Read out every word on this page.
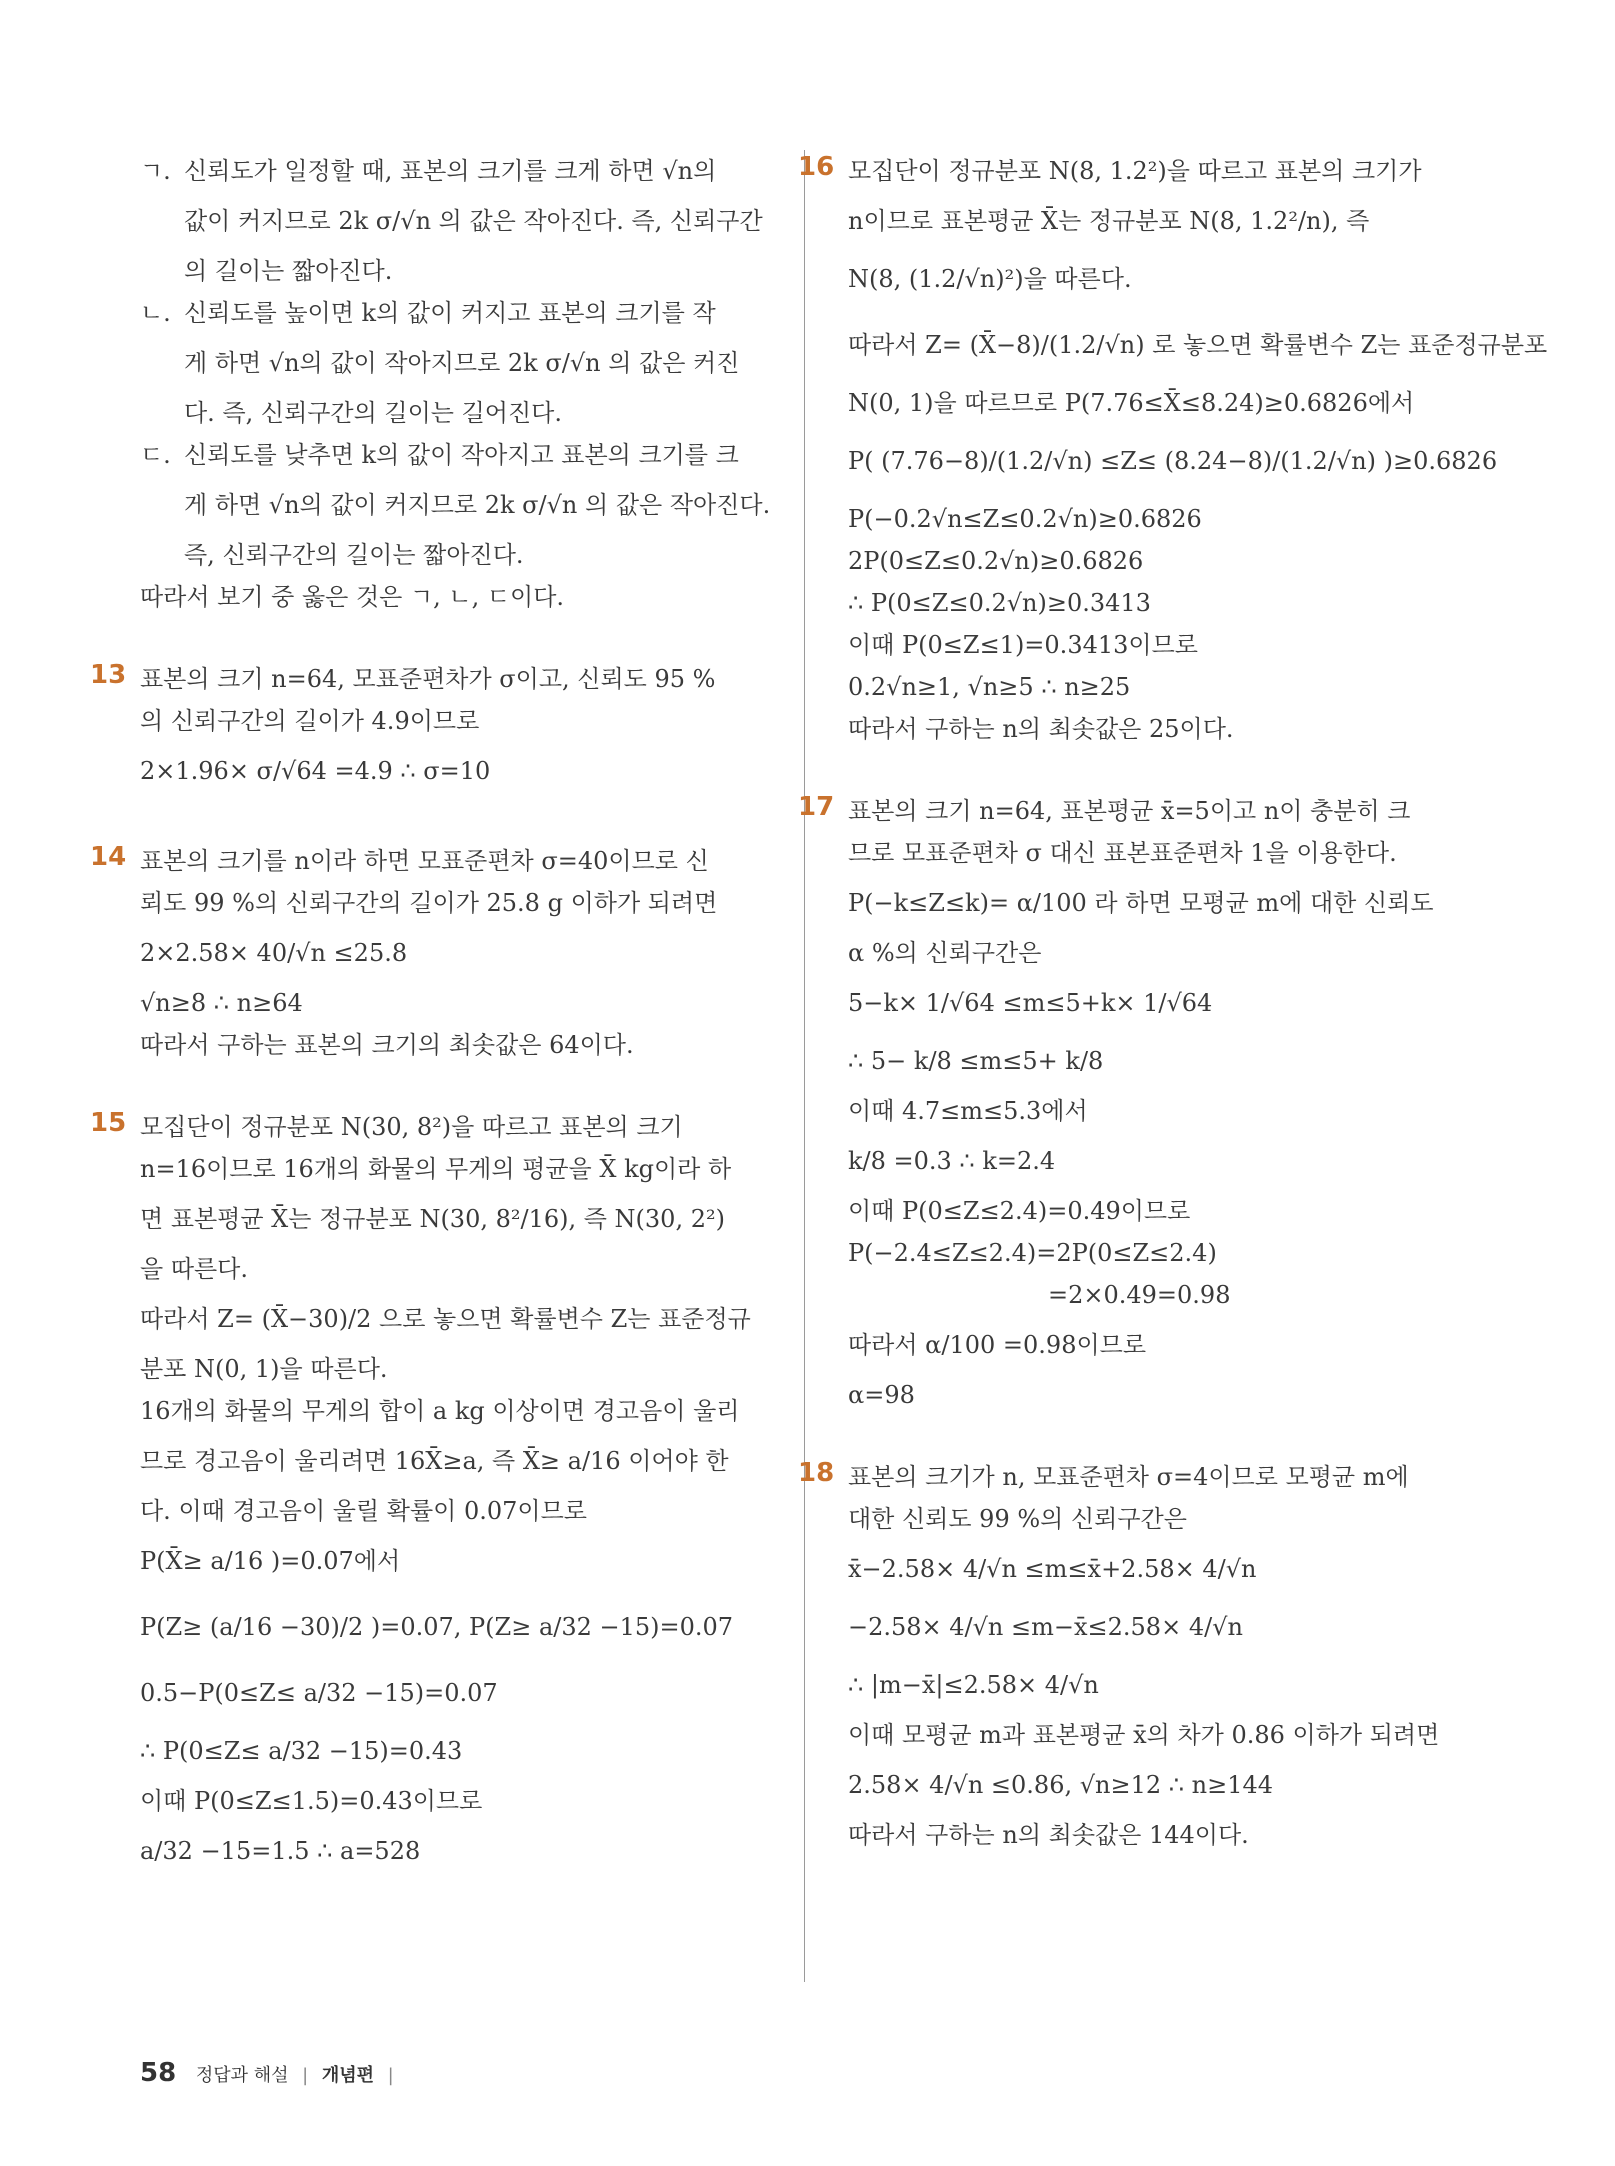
ㄱ. 신뢰도가 일정할 때, 표본의 크기를 크게 하면 √n의
값이 커지므로 2k σ/√n 의 값은 작아진다. 즉, 신뢰구간
의 길이는 짧아진다.
ㄴ. 신뢰도를 높이면 k의 값이 커지고 표본의 크기를 작
게 하면 √n의 값이 작아지므로 2k σ/√n 의 값은 커진
다. 즉, 신뢰구간의 길이는 길어진다.
ㄷ. 신뢰도를 낮추면 k의 값이 작아지고 표본의 크기를 크
게 하면 √n의 값이 커지므로 2k σ/√n 의 값은 작아진다.
즉, 신뢰구간의 길이는 짧아진다.
따라서 보기 중 옳은 것은 ㄱ, ㄴ, ㄷ이다.
13 표본의 크기 n=64, 모표준편차가 σ이고, 신뢰도 95 %
의 신뢰구간의 길이가 4.9이므로
2×1.96× σ/√64 =4.9 ∴ σ=10
14 표본의 크기를 n이라 하면 모표준편차 σ=40이므로 신
뢰도 99 %의 신뢰구간의 길이가 25.8 g 이하가 되려면
2×2.58× 40/√n ≤25.8
√n≥8 ∴ n≥64
따라서 구하는 표본의 크기의 최솟값은 64이다.
15 모집단이 정규분포 N(30, 8²)을 따르고 표본의 크기
n=16이므로 16개의 화물의 무게의 평균을 X̄ kg이라 하
면 표본평균 X̄는 정규분포 N(30, 8²/16), 즉 N(30, 2²)
을 따른다.
따라서 Z= (X̄−30)/2 으로 놓으면 확률변수 Z는 표준정규
분포 N(0, 1)을 따른다.
16개의 화물의 무게의 합이 a kg 이상이면 경고음이 울리
므로 경고음이 울리려면 16X̄≥a, 즉 X̄≥ a/16 이어야 한
다. 이때 경고음이 울릴 확률이 0.07이므로
P(X̄≥ a/16 )=0.07에서
P(Z≥ (a/16 −30)/2 )=0.07, P(Z≥ a/32 −15)=0.07
0.5−P(0≤Z≤ a/32 −15)=0.07
∴ P(0≤Z≤ a/32 −15)=0.43
이때 P(0≤Z≤1.5)=0.43이므로
a/32 −15=1.5 ∴ a=528
16 모집단이 정규분포 N(8, 1.2²)을 따르고 표본의 크기가
n이므로 표본평균 X̄는 정규분포 N(8, 1.2²/n), 즉
N(8, (1.2/√n)²)을 따른다.
따라서 Z= (X̄−8)/(1.2/√n) 로 놓으면 확률변수 Z는 표준정규분포
N(0, 1)을 따르므로 P(7.76≤X̄≤8.24)≥0.6826에서
P( (7.76−8)/(1.2/√n) ≤Z≤ (8.24−8)/(1.2/√n) )≥0.6826
P(−0.2√n≤Z≤0.2√n)≥0.6826
2P(0≤Z≤0.2√n)≥0.6826
∴ P(0≤Z≤0.2√n)≥0.3413
이때 P(0≤Z≤1)=0.3413이므로
0.2√n≥1, √n≥5 ∴ n≥25
따라서 구하는 n의 최솟값은 25이다.
17 표본의 크기 n=64, 표본평균 x̄=5이고 n이 충분히 크
므로 모표준편차 σ 대신 표본표준편차 1을 이용한다.
P(−k≤Z≤k)= α/100 라 하면 모평균 m에 대한 신뢰도
α %의 신뢰구간은
5−k× 1/√64 ≤m≤5+k× 1/√64
∴ 5− k/8 ≤m≤5+ k/8
이때 4.7≤m≤5.3에서
k/8 =0.3 ∴ k=2.4
이때 P(0≤Z≤2.4)=0.49이므로
P(−2.4≤Z≤2.4)=2P(0≤Z≤2.4)
=2×0.49=0.98
따라서 α/100 =0.98이므로
α=98
18 표본의 크기가 n, 모표준편차 σ=4이므로 모평균 m에
대한 신뢰도 99 %의 신뢰구간은
x̄−2.58× 4/√n ≤m≤x̄+2.58× 4/√n
−2.58× 4/√n ≤m−x̄≤2.58× 4/√n
∴ |m−x̄|≤2.58× 4/√n
이때 모평균 m과 표본평균 x̄의 차가 0.86 이하가 되려면
2.58× 4/√n ≤0.86, √n≥12 ∴ n≥144
따라서 구하는 n의 최솟값은 144이다.
58 정답과 해설 | 개념편 |
